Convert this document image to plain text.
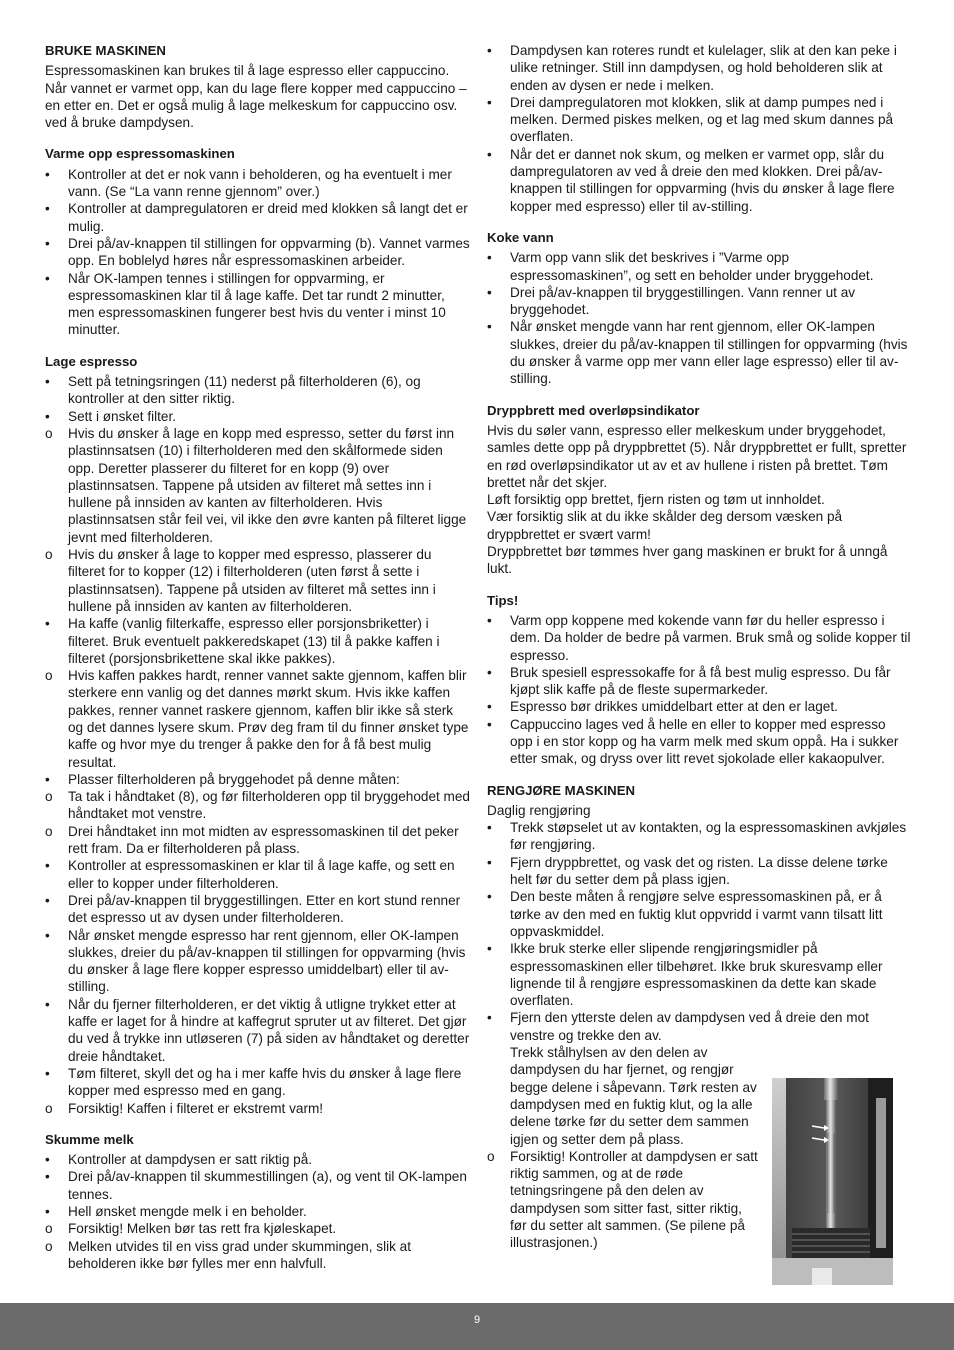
BRUKE MASKINEN

Espressomaskinen kan brukes til å lage espresso eller cappuccino. Når vannet er varmet opp, kan du lage flere kopper med cappuccino – en etter en. Det er også mulig å lage melkeskum for cappuccino osv. ved å bruke dampdysen.

Varme opp espressomaskinen
•	Kontroller at det er nok vann i beholderen, og ha eventuelt i mer vann. (Se “La vann renne gjennom” over.)
•	Kontroller at dampregulatoren er dreid med klokken så langt det er mulig.
•	Drei på/av-knappen til stillingen for oppvarming (b). Vannet varmes opp. En boblelyd høres når espressomaskinen arbeider.
•	Når OK-lampen tennes i stillingen for oppvarming, er espressomaskinen klar til å lage kaffe. Det tar rundt 2 minutter, men espressomaskinen fungerer best hvis du venter i minst 10 minutter.
Lage espresso
•	Sett på tetningsringen (11) nederst på filterholderen (6), og kontroller at den sitter riktig.
•	Sett i ønsket filter.
o	Hvis du ønsker å lage en kopp med espresso, setter du først inn plastinnsatsen (10) i filterholderen med den skålformede siden opp. Deretter plasserer du filteret for en kopp (9) over plastinnsatsen. Tappene på utsiden av filteret må settes inn i hullene på innsiden av kanten av filterholderen. Hvis plastinnsatsen står feil vei, vil ikke den øvre kanten på filteret ligge jevnt med filterholderen.
o	Hvis du ønsker å lage to kopper med espresso, plasserer du filteret for to kopper (12) i filterholderen (uten først å sette i plastinnsatsen). Tappene på utsiden av filteret må settes inn i hullene på innsiden av kanten av filterholderen.
•	Ha kaffe (vanlig filterkaffe, espresso eller porsjonsbriketter) i filteret. Bruk eventuelt pakkeredskapet (13) til å pakke kaffen i filteret (porsjonsbrikettene skal ikke pakkes).
o	Hvis kaffen pakkes hardt, renner vannet sakte gjennom, kaffen blir sterkere enn vanlig og det dannes mørkt skum. Hvis ikke kaffen pakkes, renner vannet raskere gjennom, kaffen blir ikke så sterk og det dannes lysere skum. Prøv deg fram til du finner ønsket type kaffe og hvor mye du trenger å pakke den for å få best mulig resultat.
•	Plasser filterholderen på bryggehodet på denne måten:
o	Ta tak i håndtaket (8), og før filterholderen opp til bryggehodet med håndtaket mot venstre.
o	Drei håndtaket inn mot midten av espressomaskinen til det peker rett fram. Da er filterholderen på plass.
•	Kontroller at espressomaskinen er klar til å lage kaffe, og sett en eller to kopper under filterholderen.
•	Drei på/av-knappen til bryggestillingen. Etter en kort stund renner det espresso ut av dysen under filterholderen.
•	Når ønsket mengde espresso har rent gjennom, eller OK-lampen slukkes, dreier du på/av-knappen til stillingen for oppvarming (hvis du ønsker å lage flere kopper espresso umiddelbart) eller til av-stilling.
•	Når du fjerner filterholderen, er det viktig å utligne trykket etter at kaffe er laget for å hindre at kaffegrut spruter ut av filteret. Det gjør du ved å trykke inn utløseren (7) på siden av håndtaket og deretter dreie håndtaket.
•	Tøm filteret, skyll det og ha i mer kaffe hvis du ønsker å lage flere kopper med espresso med en gang.
o	Forsiktig! Kaffen i filteret er ekstremt varm!
Skumme melk
•	Kontroller at dampdysen er satt riktig på.
•	Drei på/av-knappen til skummestillingen (a), og vent til OK-lampen tennes.
•	Hell ønsket mengde melk i en beholder.
o	Forsiktig! Melken bør tas rett fra kjøleskapet.
o	Melken utvides til en viss grad under skummingen, slik at beholderen ikke bør fylles mer enn halvfull.
•	Dampdysen kan roteres rundt et kulelager, slik at den kan peke i ulike retninger. Still inn dampdysen, og hold beholderen slik at enden av dysen er nede i melken.
•	Drei dampregulatoren mot klokken, slik at damp pumpes ned i melken. Dermed piskes melken, og et lag med skum dannes på overflaten.
•	Når det er dannet nok skum, og melken er varmet opp, slår du dampregulatoren av ved å dreie den med klokken. Drei på/av-knappen til stillingen for oppvarming (hvis du ønsker å lage flere kopper med espresso) eller til av-stilling.
Koke vann
•	Varm opp vann slik det beskrives i ”Varme opp espressomaskinen”, og sett en beholder under bryggehodet.
•	Drei på/av-knappen til bryggestillingen. Vann renner ut av bryggehodet.
•	Når ønsket mengde vann har rent gjennom, eller OK-lampen slukkes, dreier du på/av-knappen til stillingen for oppvarming (hvis du ønsker å varme opp mer vann eller lage espresso) eller til av-stilling.
Dryppbrett med overløpsindikator

Hvis du søler vann, espresso eller melkeskum under bryggehodet, samles dette opp på dryppbrettet (5). Når dryppbrettet er fullt, spretter en rød overløpsindikator ut av et av hullene i risten på brettet. Tøm brettet når det skjer.

Løft forsiktig opp brettet, fjern risten og tøm ut innholdet.

Vær forsiktig slik at du ikke skålder deg dersom væsken på dryppbrettet er svært varm!

Dryppbrettet bør tømmes hver gang maskinen er brukt for å unngå lukt.

Tips!
•	Varm opp koppene med kokende vann før du heller espresso i dem. Da holder de bedre på varmen. Bruk små og solide kopper til espresso.
•	Bruk spesiell espressokaffe for å få best mulig espresso. Du får kjøpt slik kaffe på de fleste supermarkeder.
•	Espresso bør drikkes umiddelbart etter at den er laget.
•	Cappuccino lages ved å helle en eller to kopper med espresso opp i en stor kopp og ha varm melk med skum oppå. Ha i sukker etter smak, og dryss over litt revet sjokolade eller kakaopulver.
RENGJØRE MASKINEN
Daglig rengjøring
•	Trekk støpselet ut av kontakten, og la espressomaskinen avkjøles før rengjøring.
•	Fjern dryppbrettet, og vask det og risten. La disse delene tørke helt før du setter dem på plass igjen.
•	Den beste måten å rengjøre selve espressomaskinen på, er å tørke av den med en fuktig klut oppvridd i varmt vann tilsatt litt oppvaskmiddel.
•	Ikke bruk sterke eller slipende rengjøringsmidler på espressomaskinen eller tilbehøret. Ikke bruk skuresvamp eller lignende til å rengjøre espressomaskinen da dette kan skade overflaten.
•	Fjern den ytterste delen av dampdysen ved å dreie den mot venstre og trekke den av.
Trekk stålhylsen av den delen av dampdysen du har fjernet, og rengjør begge delene i såpevann. Tørk resten av dampdysen med en fuktig klut, og la alle delene tørke før du setter dem sammen igjen og setter dem på plass.
o	Forsiktig! Kontroller at dampdysen er satt riktig sammen, og at de røde tetningsringene på den delen av dampdysen som sitter fast, sitter riktig, før du setter alt sammen. (Se pilene på illustrasjonen.)
9
